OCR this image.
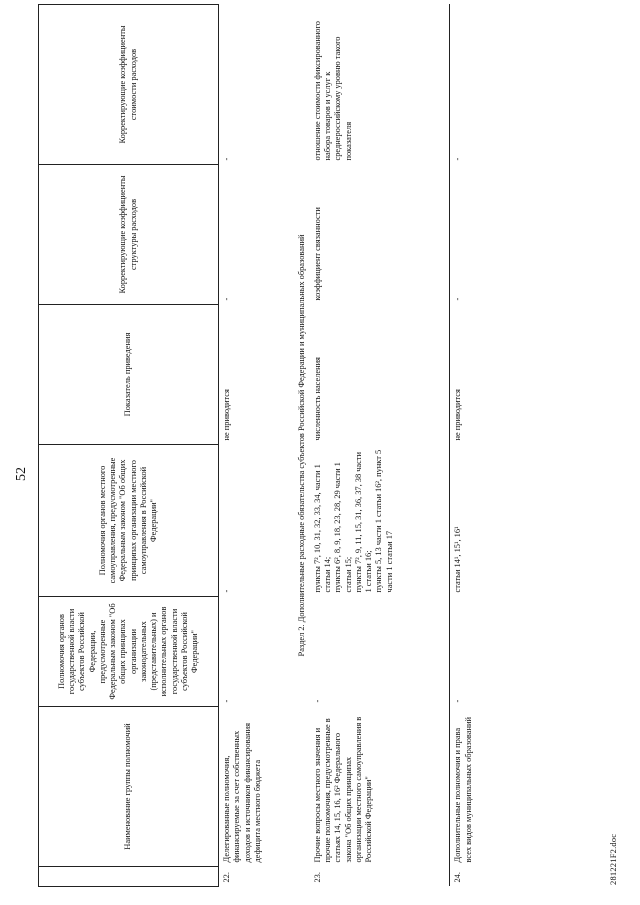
52
281221F2.doc
	Наименование группы полномочий	Полномочия органов государственной власти субъектов Российской Федерации, предусмотренные Федеральным законом "Об общих принципах организации законодательных (представительных) и исполнительных органов государственной власти субъектов Российской Федерации"	Полномочия органов местного самоуправления, предусмотренные Федеральным законом "Об общих принципах организации местного самоуправления в Российской Федерации"	Показатель приведения	Корректирующие коэффициенты структуры расходов	Корректирующие коэффициенты стоимости расходов
22.	Делегированные полномочия, финансируемые за счет собственных доходов и источников финансирования дефицита местного бюджета	-	-	не приводится	-	-

Раздел 2. Дополнительные расходные обязательства субъектов Российской Федерации и муниципальных образований						
23.	Прочие вопросы местного значения и прочие полномочия, предусмотренные в статьях 14, 15, 16, 16² Федерального закона "Об общих принципах организации местного самоуправления в Российской Федерации"	-	пункты 7², 10, 31, 32, 33, 34, части 1 статьи 14; пункты 6², 8, 9, 18, 23, 28, 29 части 1 статьи 15; пункты 7², 9, 11, 15, 31, 36, 37, 38 части 1 статьи 16; пункты 5, 13 части 1 статьи 16², пункт 5 части 1 статьи 17	численность населения	коэффициент связанности	отношение стоимости фиксированного набора товаров и услуг к среднероссийскому уровню такого показателя

24.	Дополнительные полномочия и права всех видов муниципальных образований	-	статьи 14¹, 15¹, 16¹	не приводится	-	-
